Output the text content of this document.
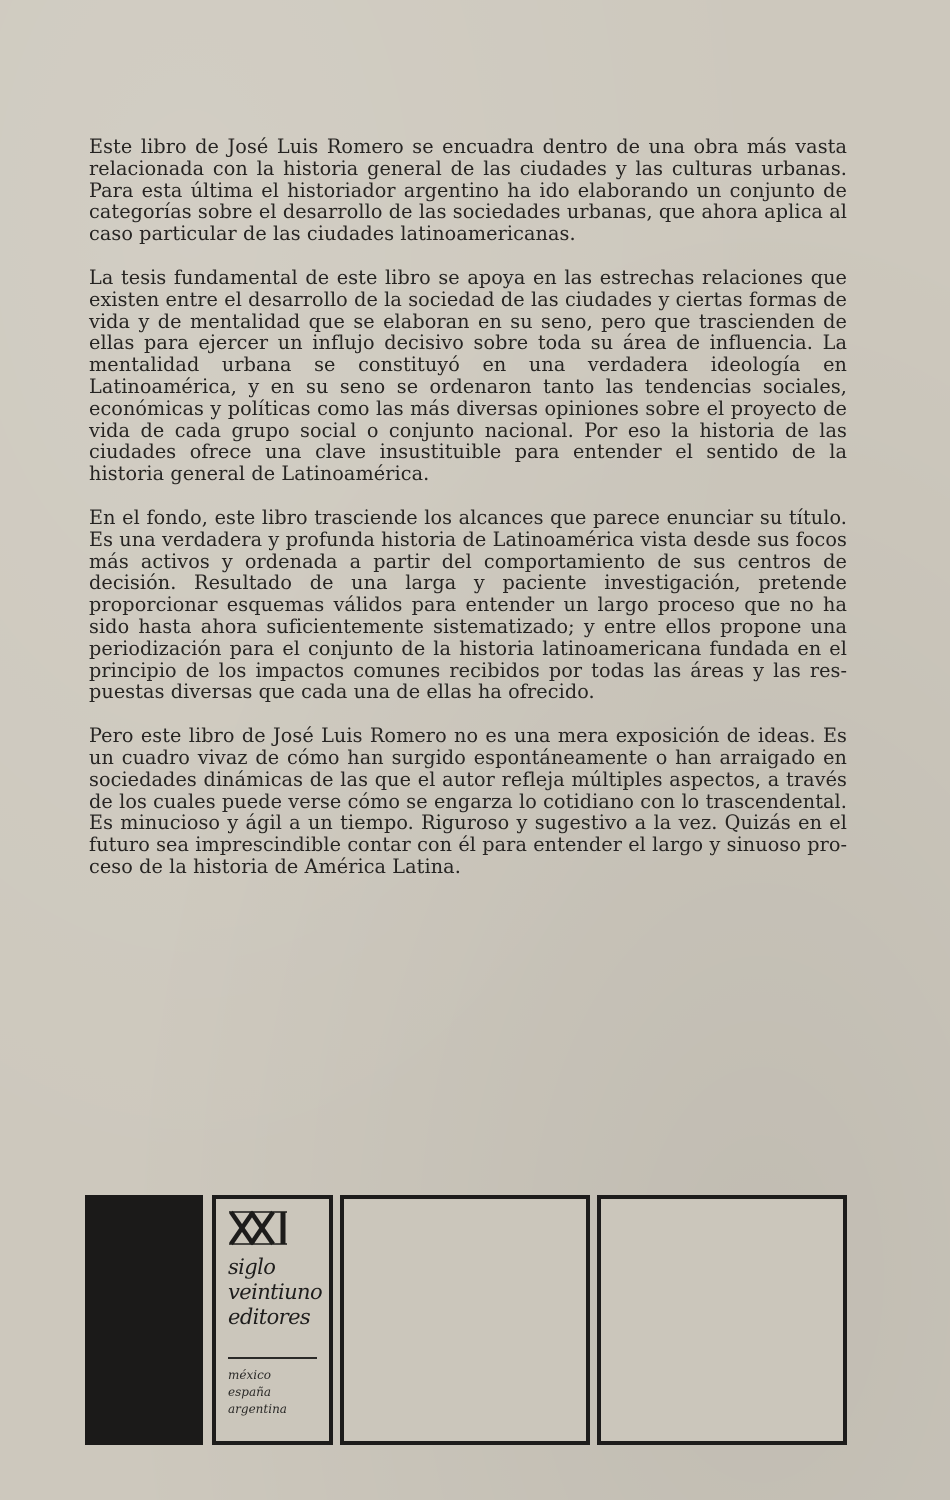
Este libro de José Luis Romero se encuadra dentro de una obra más vasta relacionada con la historia general de las ciudades y las culturas urbanas. Para esta última el historiador argentino ha ido elaborando un conjunto de categorías sobre el desarrollo de las sociedades urbanas, que ahora aplica al caso particular de las ciudades latinoamericanas.

La tesis fundamental de este libro se apoya en las estrechas relaciones que existen entre el desarrollo de la sociedad de las ciudades y ciertas formas de vida y de mentalidad que se elaboran en su seno, pero que trascienden de ellas para ejercer un influjo decisivo sobre toda su área de influencia. La mentalidad urbana se constituyó en una verdadera ideología en Latinoamérica, y en su seno se ordenaron tanto las tendencias sociales, económicas y políticas como las más diversas opiniones sobre el proyecto de vida de cada grupo social o conjunto nacional. Por eso la historia de las ciudades ofrece una clave insustituible para entender el sentido de la historia general de Latinoamérica.

En el fondo, este libro trasciende los alcances que parece enunciar su título. Es una verdadera y profunda historia de Latinoamérica vista desde sus focos más activos y ordenada a partir del comportamiento de sus centros de decisión. Resultado de una larga y paciente investigación, pretende proporcionar esquemas válidos para entender un largo proceso que no ha sido hasta ahora suficientemente sistematizado; y entre ellos propone una periodización para el conjunto de la historia latinoamericana fundada en el principio de los impactos comunes recibidos por todas las áreas y las respuestas diversas que cada una de ellas ha ofrecido.

Pero este libro de José Luis Romero no es una mera exposición de ideas. Es un cuadro vivaz de cómo han surgido espontáneamente o han arraigado en sociedades dinámicas de las que el autor refleja múltiples aspectos, a través de los cuales puede verse cómo se engarza lo cotidiano con lo trascendental. Es minucioso y ágil a un tiempo. Riguroso y sugestivo a la vez. Quizás en el futuro sea imprescindible contar con él para entender el largo y sinuoso proceso de la historia de América Latina.

siglo
veintiuno
editores
méxico
españa
argentina
